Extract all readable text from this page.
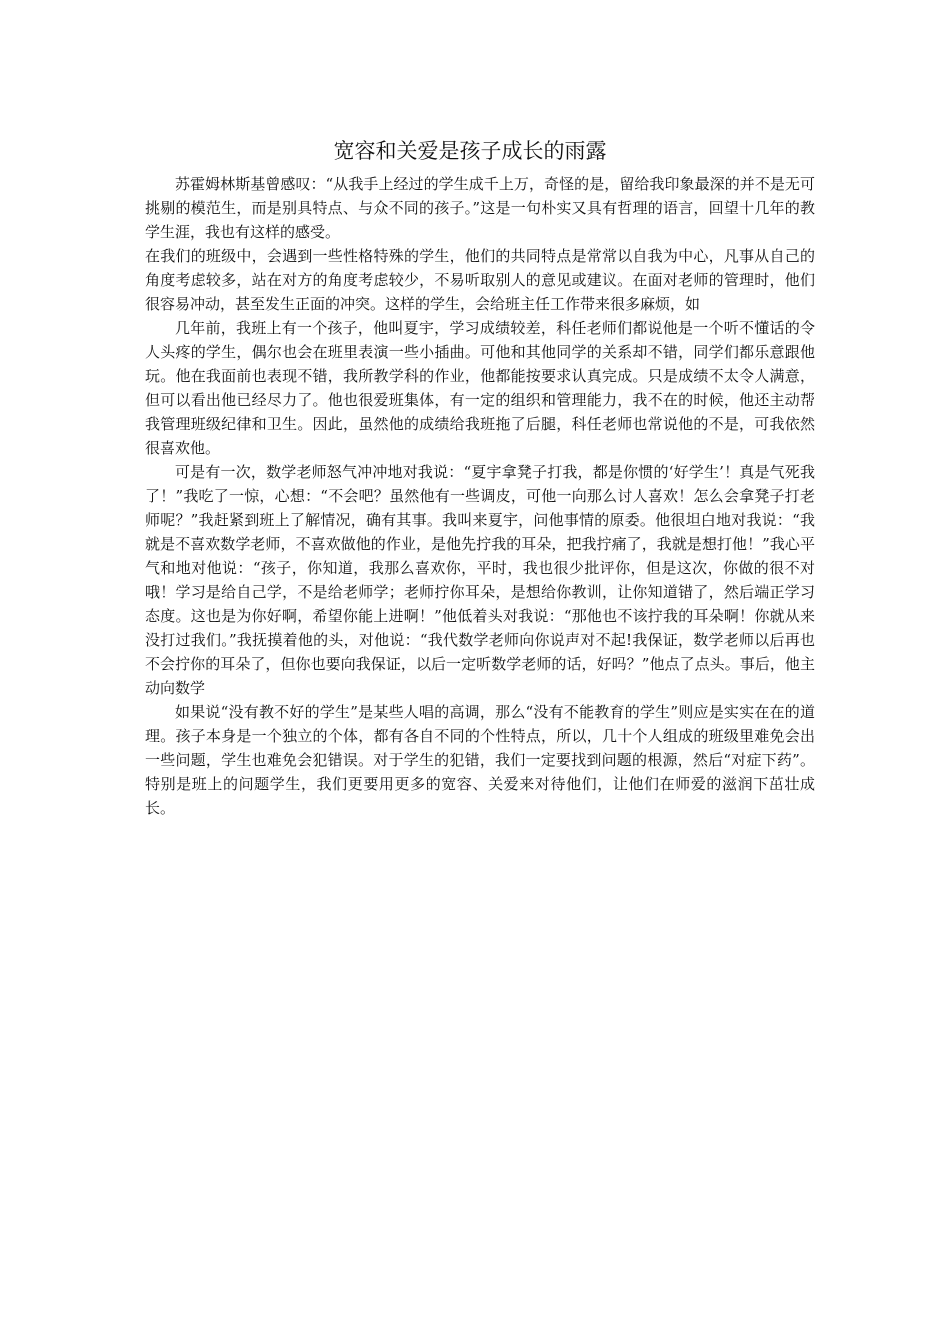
宽容和关爱是孩子成长的雨露

苏霍姆林斯基曾感叹：“从我手上经过的学生成千上万，奇怪的是，留给我印象最深的并不是无可挑剔的模范生，而是别具特点、与众不同的孩子。”这是一句朴实又具有哲理的语言，回望十几年的教学生涯，我也有这样的感受。

在我们的班级中，会遇到一些性格特殊的学生，他们的共同特点是常常以自我为中心，凡事从自己的角度考虑较多，站在对方的角度考虑较少，不易听取别人的意见或建议。在面对老师的管理时，他们很容易冲动，甚至发生正面的冲突。这样的学生，会给班主任工作带来很多麻烦，如

几年前，我班上有一个孩子，他叫夏宇，学习成绩较差，科任老师们都说他是一个听不懂话的令人头疼的学生，偶尔也会在班里表演一些小插曲。可他和其他同学的关系却不错，同学们都乐意跟他玩。他在我面前也表现不错，我所教学科的作业，他都能按要求认真完成。只是成绩不太令人满意，但可以看出他已经尽力了。他也很爱班集体，有一定的组织和管理能力，我不在的时候，他还主动帮我管理班级纪律和卫生。因此，虽然他的成绩给我班拖了后腿，科任老师也常说他的不是，可我依然很喜欢他。

可是有一次，数学老师怒气冲冲地对我说：“夏宇拿凳子打我，都是你惯的‘好学生’！真是气死我了！”我吃了一惊，心想：“不会吧？虽然他有一些调皮，可他一向那么讨人喜欢！怎么会拿凳子打老师呢？”我赶紧到班上了解情况，确有其事。我叫来夏宇，问他事情的原委。他很坦白地对我说：“我就是不喜欢数学老师，不喜欢做他的作业，是他先拧我的耳朵，把我拧痛了，我就是想打他！”我心平气和地对他说：“孩子，你知道，我那么喜欢你，平时，我也很少批评你，但是这次，你做的很不对哦！学习是给自己学，不是给老师学；老师拧你耳朵，是想给你教训，让你知道错了，然后端正学习态度。这也是为你好啊，希望你能上进啊！”他低着头对我说：“那他也不该拧我的耳朵啊！你就从来没打过我们。”我抚摸着他的头，对他说：“我代数学老师向你说声对不起!我保证，数学老师以后再也不会拧你的耳朵了，但你也要向我保证，以后一定听数学老师的话，好吗？”他点了点头。事后，他主动向数学

如果说“没有教不好的学生”是某些人唱的高调，那么“没有不能教育的学生”则应是实实在在的道理。孩子本身是一个独立的个体，都有各自不同的个性特点，所以，几十个人组成的班级里难免会出一些问题，学生也难免会犯错误。对于学生的犯错，我们一定要找到问题的根源，然后“对症下药”。特别是班上的问题学生，我们更要用更多的宽容、关爱来对待他们，让他们在师爱的滋润下茁壮成长。
